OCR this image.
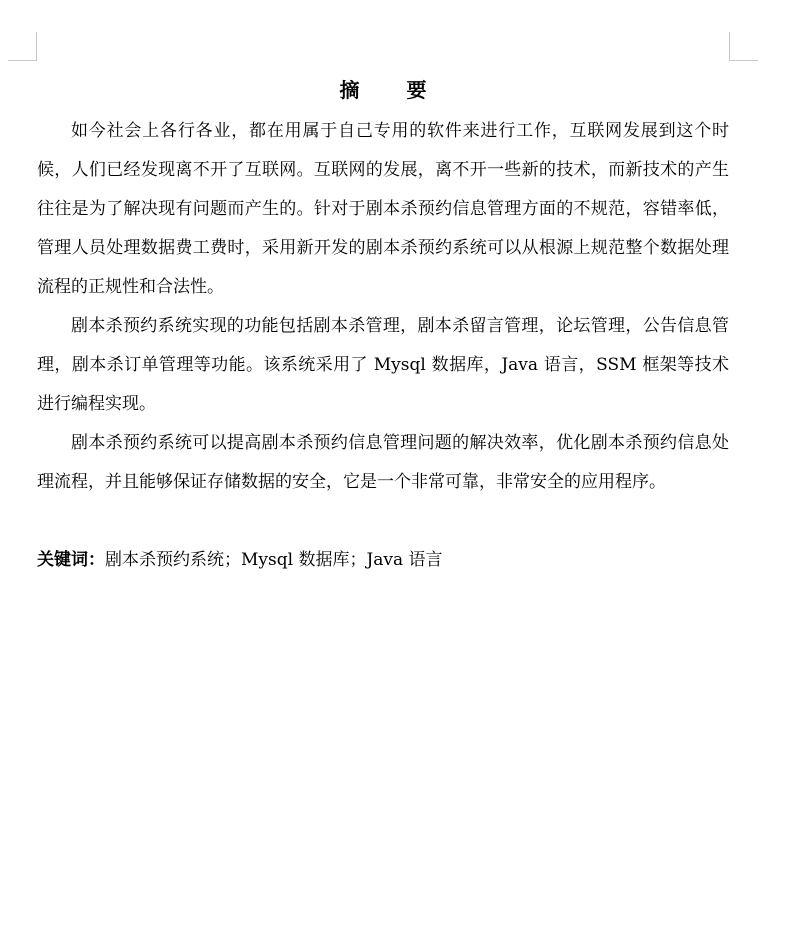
摘 要

如今社会上各行各业，都在用属于自己专用的软件来进行工作，互联网发展到这个时候，人们已经发现离不开了互联网。互联网的发展，离不开一些新的技术，而新技术的产生往往是为了解决现有问题而产生的。针对于剧本杀预约信息管理方面的不规范，容错率低，管理人员处理数据费工费时，采用新开发的剧本杀预约系统可以从根源上规范整个数据处理流程的正规性和合法性。

剧本杀预约系统实现的功能包括剧本杀管理，剧本杀留言管理，论坛管理，公告信息管理，剧本杀订单管理等功能。该系统采用了 Mysql 数据库，Java 语言，SSM 框架等技术进行编程实现。

剧本杀预约系统可以提高剧本杀预约信息管理问题的解决效率，优化剧本杀预约信息处理流程，并且能够保证存储数据的安全，它是一个非常可靠，非常安全的应用程序。

关键词：剧本杀预约系统；Mysql 数据库；Java 语言
